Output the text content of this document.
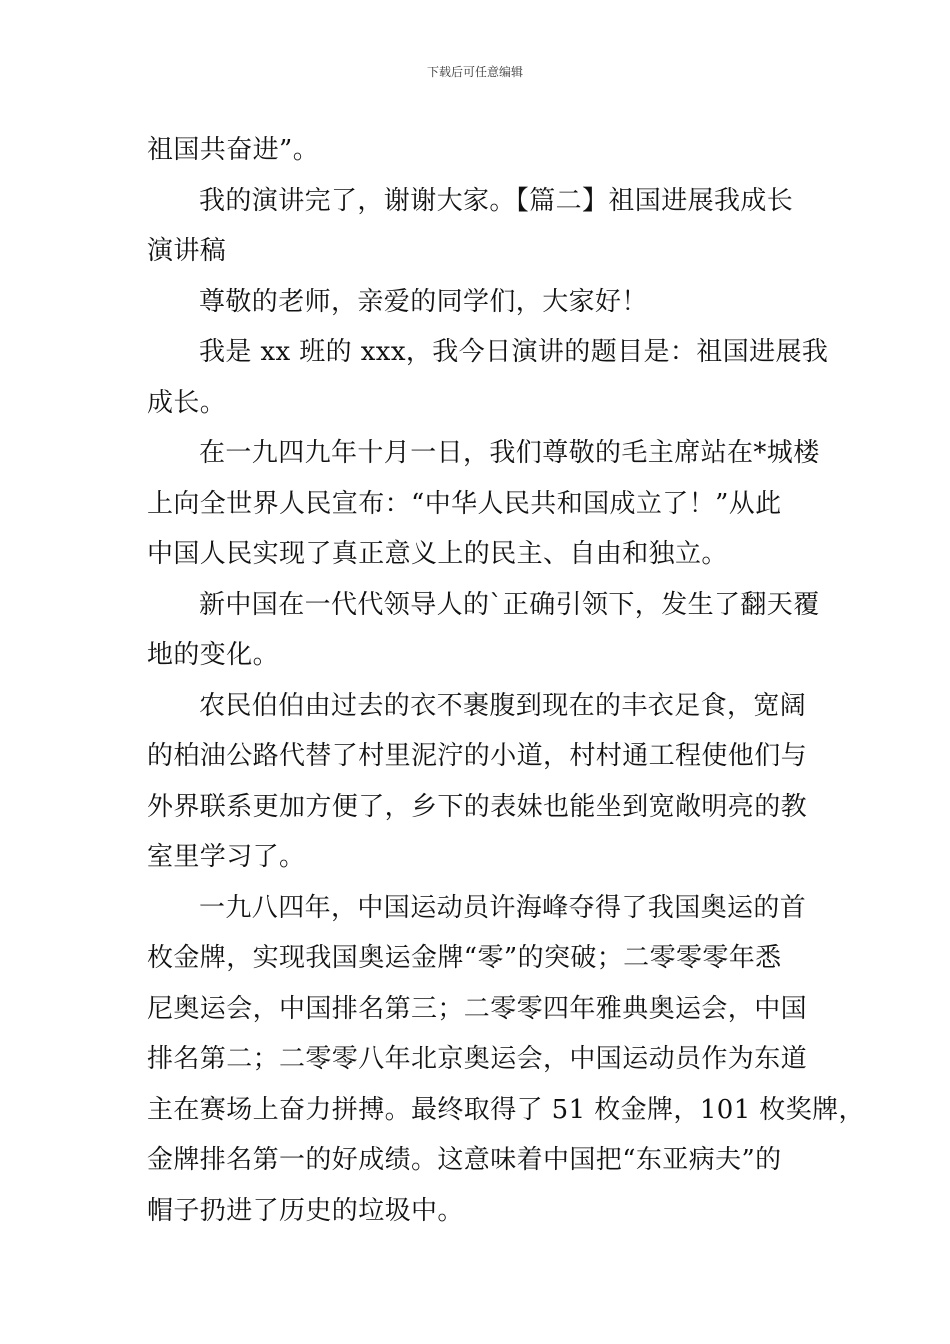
下载后可任意编辑

祖国共奋进”。

我的演讲完了，谢谢大家。【篇二】祖国进展我成长
演讲稿

尊敬的老师，亲爱的同学们，大家好！

我是 xx 班的 xxx，我今日演讲的题目是：祖国进展我
成长。

在一九四九年十月一日，我们尊敬的毛主席站在*城楼
上向全世界人民宣布：“中华人民共和国成立了！”从此
中国人民实现了真正意义上的民主、自由和独立。

新中国在一代代领导人的`正确引领下，发生了翻天覆
地的变化。

农民伯伯由过去的衣不裹腹到现在的丰衣足食，宽阔
的柏油公路代替了村里泥泞的小道，村村通工程使他们与
外界联系更加方便了，乡下的表妹也能坐到宽敞明亮的教
室里学习了。

一九八四年，中国运动员许海峰夺得了我国奥运的首
枚金牌，实现我国奥运金牌“零”的突破；二零零零年悉
尼奥运会，中国排名第三；二零零四年雅典奥运会，中国
排名第二；二零零八年北京奥运会，中国运动员作为东道
主在赛场上奋力拼搏。最终取得了 51 枚金牌，101 枚奖牌，
金牌排名第一的好成绩。这意味着中国把“东亚病夫”的
帽子扔进了历史的垃圾中。
